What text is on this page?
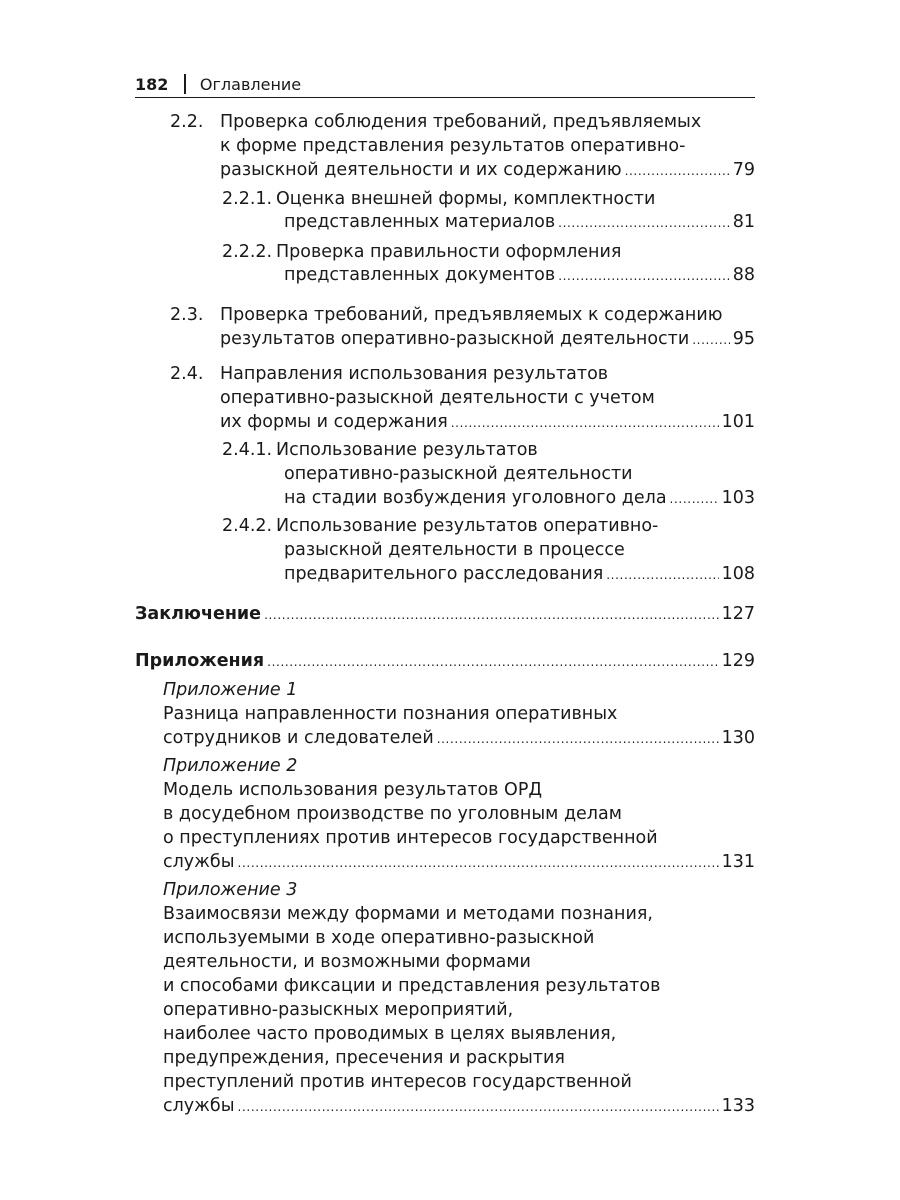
182 Оглавление
2.2. Проверка соблюдения требований, предъявляемых
к форме представления результатов оперативно-
разыскной деятельности и их содержанию . . .	79
2.2.1. Оценка внешней формы, комплектности
представленных материалов . . .	81
2.2.2. Проверка правильности оформления
представленных документов . . .	88
2.3. Проверка требований, предъявляемых к содержанию
результатов оперативно-разыскной деятельности . . . 95
2.4. Направления использования результатов
оперативно-разыскной деятельности с учетом
их формы и содержания . . .	101
2.4.1. Использование результатов
оперативно-разыскной деятельности
на стадии возбуждения уголовного дела . . .	103
2.4.2. Использование результатов оперативно-
разыскной деятельности в процессе
предварительного расследования . . .	108
Заключение . . .	127
Приложения . . .	129
Приложение 1
Разница направленности познания оперативных
сотрудников и следователей . . .	130
Приложение 2
Модель использования результатов ОРД
в досудебном производстве по уголовным делам
о преступлениях против интересов государственной
службы . . .	131
Приложение 3
Взаимосвязи между формами и методами познания,
используемыми в ходе оперативно-разыскной
деятельности, и возможными формами
и способами фиксации и представления результатов
оперативно-разыскных мероприятий,
наиболее часто проводимых в целях выявления,
предупреждения, пресечения и раскрытия
преступлений против интересов государственной
службы . . .	133
